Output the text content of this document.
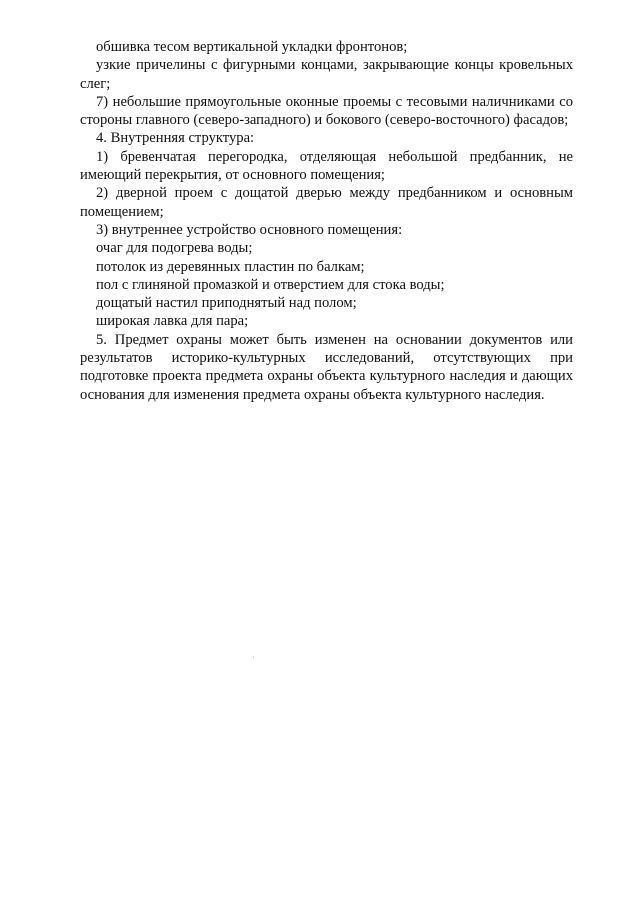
обшивка тесом вертикальной укладки фронтонов;

узкие причелины с фигурными концами, закрывающие концы кровельных слег;

7) небольшие прямоугольные оконные проемы с тесовыми наличниками со стороны главного (северо-западного) и бокового (северо-восточного) фасадов;

4. Внутренняя структура:

1) бревенчатая перегородка, отделяющая небольшой предбанник, не имеющий перекрытия, от основного помещения;

2) дверной проем с дощатой дверью между предбанником и основным помещением;

3) внутреннее устройство основного помещения:

очаг для подогрева воды;

потолок из деревянных пластин по балкам;

пол с глиняной промазкой и отверстием для стока воды;

дощатый настил приподнятый над полом;

широкая лавка для пара;

5. Предмет охраны может быть изменен на основании документов или результатов историко-культурных исследований, отсутствующих при подготовке проекта предмета охраны объекта культурного наследия и дающих основания для изменения предмета охраны объекта культурного наследия.

˙
